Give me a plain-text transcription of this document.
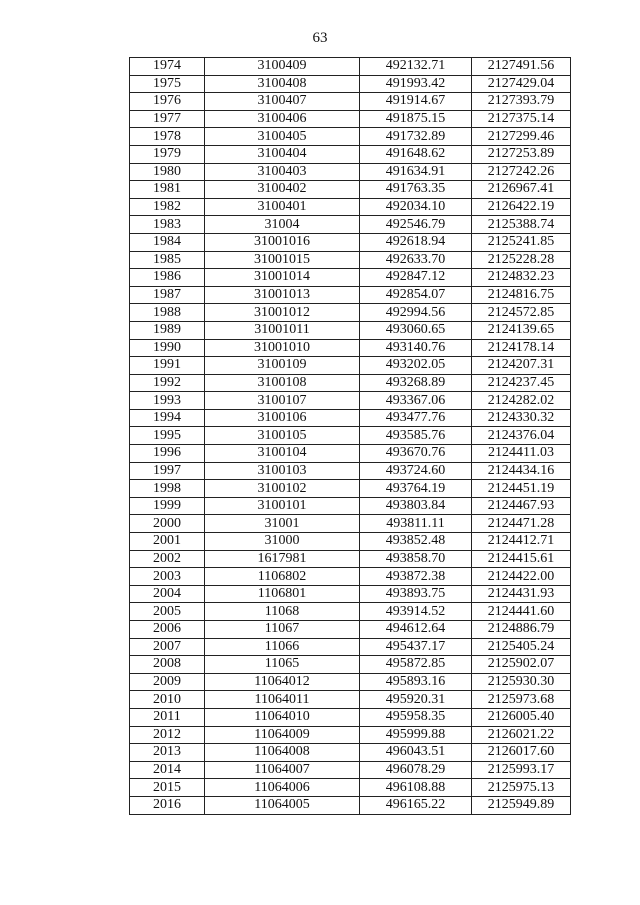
63
1974	3100409	492132.71	2127491.56
1975	3100408	491993.42	2127429.04
1976	3100407	491914.67	2127393.79
1977	3100406	491875.15	2127375.14
1978	3100405	491732.89	2127299.46
1979	3100404	491648.62	2127253.89
1980	3100403	491634.91	2127242.26
1981	3100402	491763.35	2126967.41
1982	3100401	492034.10	2126422.19
1983	31004	492546.79	2125388.74
1984	31001016	492618.94	2125241.85
1985	31001015	492633.70	2125228.28
1986	31001014	492847.12	2124832.23
1987	31001013	492854.07	2124816.75
1988	31001012	492994.56	2124572.85
1989	31001011	493060.65	2124139.65
1990	31001010	493140.76	2124178.14
1991	3100109	493202.05	2124207.31
1992	3100108	493268.89	2124237.45
1993	3100107	493367.06	2124282.02
1994	3100106	493477.76	2124330.32
1995	3100105	493585.76	2124376.04
1996	3100104	493670.76	2124411.03
1997	3100103	493724.60	2124434.16
1998	3100102	493764.19	2124451.19
1999	3100101	493803.84	2124467.93
2000	31001	493811.11	2124471.28
2001	31000	493852.48	2124412.71
2002	1617981	493858.70	2124415.61
2003	1106802	493872.38	2124422.00
2004	1106801	493893.75	2124431.93
2005	11068	493914.52	2124441.60
2006	11067	494612.64	2124886.79
2007	11066	495437.17	2125405.24
2008	11065	495872.85	2125902.07
2009	11064012	495893.16	2125930.30
2010	11064011	495920.31	2125973.68
2011	11064010	495958.35	2126005.40
2012	11064009	495999.88	2126021.22
2013	11064008	496043.51	2126017.60
2014	11064007	496078.29	2125993.17
2015	11064006	496108.88	2125975.13
2016	11064005	496165.22	2125949.89
